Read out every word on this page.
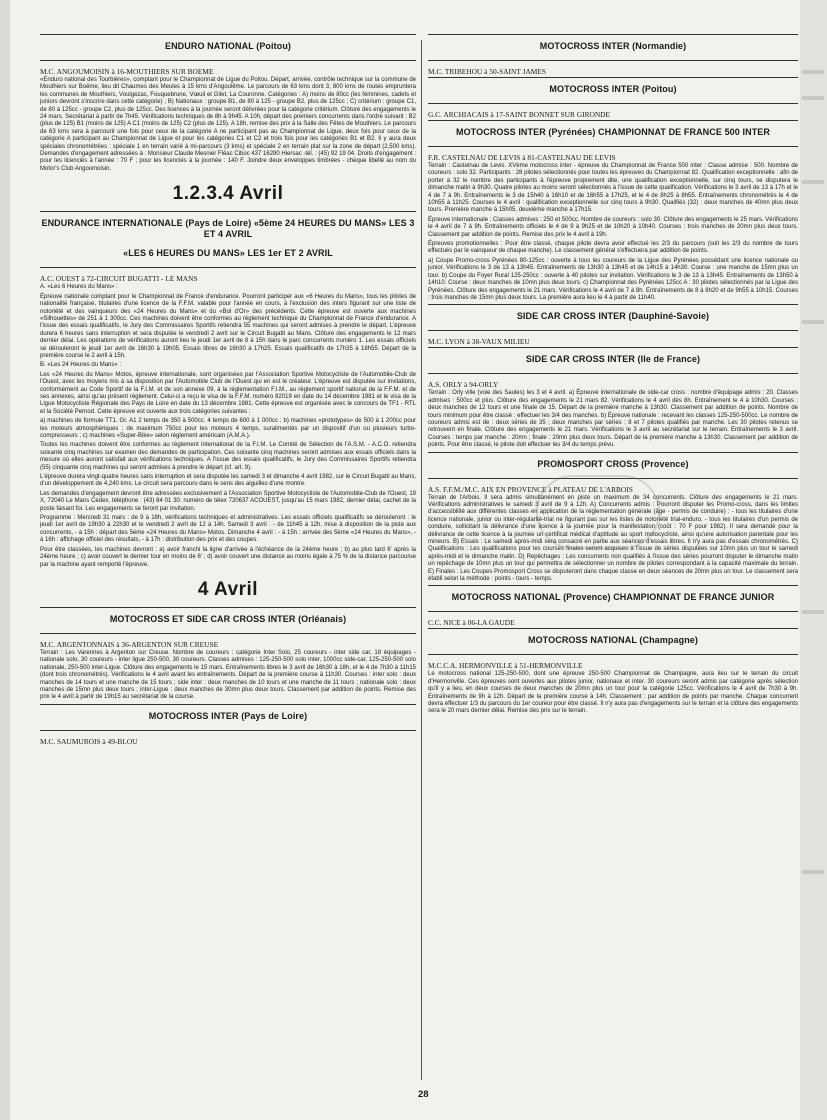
ENDURO NATIONAL (Poitou)
M.C. ANGOUMOISIN à 16-MOUTHIERS SUR BOEME
«Enduro national des Tourbières», comptant pour le Championnat de Ligue du Poitou. Départ, arrivée, contrôle technique sur la commune de Mouthiers sur Boëme, lieu dit Chaumes des Meules à 15 kms d'Angoulême. Le parcours de 63 kms dont 3, 800 kms de routes empruntera les communes de Mouthiers, Voulgezac, Fouquebrune, Vœuil et Gilet, La Couronne. Catégories : A) moins de 80cc (les féminines, cadets et juniors devront s'inscrire dans cette catégorie) ; B) Nationaux : groupe B1, de 80 à 125 - groupe B2, plus de 125cc ; C) critérium : groupe C1, de 80 à 125cc - groupe C2, plus de 125cc. Des licences à la journée seront délivrées pour la catégorie critérium. Clôture des engagements le 24 mars. Secrétariat à partir de 7h45. Vérifications techniques de 8h à 9h45. A 10h, départ des premiers concurrents dans l'ordre suivant : B2 (plus de 125) B1 (moins de 125) A C1 (moins de 125) C2 (plus de 125). A 18h, remise des prix à la Salle des Fêtes de Mouthiers. Le parcours de 63 kms sera à parcourir une fois pour ceux de la catégorie A ne participant pas au Championnat de Ligue, deux fois pour ceux de la catégorie A participant au Championnat de Ligue et pour les catégories C1 et C2 et trois fois pour les catégories B1 et B2. Il y aura deux spéciales chronométrées : spéciale 1 en terrain varié à mi-parcours (3 kms) et spéciale 2 en terrain plat sur la zone de départ (2,500 kms). Demandes d'engagement adressées à : Monsieur Claude Mesnier Fléac Ciboc 437 16290 Hiersac -tél. : (45) 92 19 04. Droits d'engagement : pour les licenciés à l'année : 70 F ; pour les licenciés à la journée : 140 F. Joindre deux enveloppes timbrées - chèque libellé au nom du Motor's Club Angoumoisin.
1.2.3.4 Avril
ENDURANCE INTERNATIONALE (Pays de Loire) «5ème 24 HEURES DU MANS» LES 3 ET 4 AVRIL
«LES 6 HEURES DU MANS» LES 1er ET 2 AVRIL
A.C. OUEST à 72-CIRCUIT BUGATTI - LE MANS
A. «Les 6 Heures du Mans» :
Épreuve nationale comptant pour le Championnat de France d'endurance. Pourront participer aux «6 Heures du Mans», tous les pilotes de nationalité française, titulaires d'une licence de la F.F.M. valable pour l'année en cours, à l'exclusion des inters figurant sur une liste de notoriété et des vainqueurs des «24 Heures du Mans» et du «Bol d'Or» des précédents. Cette épreuve est ouverte aux machines «Silhouettes» de 251 à 1 300cc. Ces machines doivent être conformes au règlement technique du Championnat de France d'endurance. A l'issue des essais qualificatifs, le Jury des Commissaires Sportifs retiendra 55 machines qui seront admises à prendre le départ. L'épreuve durera 6 heures sans interruption et sera disputée le vendredi 2 avril sur le Circuit Bugatti au Mans. Clôture des engagements le 12 mars dernier délai. Les opérations de vérifications auront lieu le jeudi 1er avril de 8 à 15h dans le parc concurrents numéro 1. Les essais officiels se dérouleront le jeudi 1er avril de 16h30 à 19h05. Essais libres de 16h30 à 17h25. Essais qualificatifs de 17h35 à 18h55. Départ de la première course le 2 avril à 15h.
B. «Les 24 Heures du Mans» :
Les «24 Heures du Mans» Motos, épreuve internationale, sont organisées par l'Association Sportive Motocycliste de l'Automobile-Club de l'Ouest, avec les moyens mis à sa disposition par l'Automobile Club de l'Ouest qui en est le créateur. L'épreuve est disputée sur invitations, conformément au Code Sportif de la F.I.M. et de son annexe 09, à la réglementation F.I.M., au règlement sportif national de la F.F.M. et de ses annexes, ainsi qu'au présent règlement. Celui-ci a reçu le visa de la F.F.M. numéro 82019 en date du 14 décembre 1981 et le visa de la Ligue Motocycliste Régionale des Pays de Loire en date du 13 décembre 1981. Cette épreuve est organisée avec le concours de TF1 - RTL et la Société Pernod. Cette épreuve est ouverte aux trois catégories suivantes :
a) machines de formule TT1. Gr. A1 2 temps de 350 à 500cc. 4 temps de 600 à 1 000cc ; b) machines «prototypes» de 500 à 1 200cc pour les moteurs atmosphériques ; de maximum 750cc pour les moteurs 4 temps, suralimentés par un dispositif d'un ou plusieurs turbo-compresseurs ; c) machines «Super-Bike» selon règlement américain (A.M.A.).
Toutes les machines doivent être conformes au règlement international de la F.I.M. Le Comité de Sélection de l'A.S.M. - A.C.O. retiendra soixante cinq machines sur examen des demandes de participation. Ces soixante cinq machines seront admises aux essais officiels dans la mesure où elles auront satisfait aux vérifications techniques. A l'issue des essais qualificatifs, le Jury des Commissaires Sportifs retiendra (55) cinquante cinq machines qui seront admises à prendre le départ (cf. art. 9).
L'épreuve durera vingt-quatre heures sans interruption et sera disputée les samedi 3 et dimanche 4 avril 1982, sur le Circuit Bugatti au Mans, d'un développement de 4,240 kms. Le circuit sera parcouru dans le sens des aiguilles d'une montre.
Les demandes d'engagement devront être adressées exclusivement à l'Association Sportive Motocycliste de l'Automobile-Club de l'Ouest, 19 X, 72040 Le Mans Cédex, téléphone : (43) 84 01 30. numéro de télex 720637 ACOUEST, jusqu'au 15 mars 1982, dernier délai, cachet de la poste faisant foi. Les engagements se feront par invitation.
Programme : Mercredi 31 mars : de 9 à 18h, vérifications techniques et administratives. Les essais officiels qualificatifs se dérouleront : le jeudi 1er avril de 19h30 à 22h30 et le vendredi 2 avril de 12 à 14h. Samedi 3 avril : - de 11h45 à 12h, mise à disposition de la piste aux concurrents, - à 15h : départ des 5ème «24 Heures du Mans» Motos. Dimanche 4 avril : - à 15h : arrivée des 5ème «24 Heures du Mans», - à 16h : affichage officiel des résultats, - à 17h : distribution des prix et des coupes.
Pour être classées, les machines devront : a) avoir franchi la ligne d'arrivée à l'échéance de la 24ème heure ; b) au plus tard 6' après la 24ème heure ; c) avoir couvert le dernier tour en moins de 6' ; d) avoir couvert une distance au moins égale à 75 % de la distance parcourue par la machine ayant remporté l'épreuve.
4 Avril
MOTOCROSS ET SIDE CAR CROSS INTER (Orléanais)
M.C. ARGENTONNAIS à 36-ARGENTON SUR CREUSE
Terrain : Les Varennes à Argenton sur Creuse. Nombre de coureurs : catégorie Inter Solo, 25 coureurs - inter side car, 18 équipages - nationale solo, 30 coureurs - inter ligue 250-500, 30 coureurs. Classes admises : 125-250-500 solo inter, 1000cc side-car, 125-250-500 solo nationale, 250-500 inter-Ligue. Clôture des engagements le 15 mars. Entraînements libres le 3 avril de 16h30 à 18h, et le 4 de 7h30 à 11h15 (dont trois chronométrés). Vérifications le 4 avril avant les entraînements. Départ de la première course à 11h30. Courses : inter solo : deux manches de 14 tours et une manche de 15 tours ; side inter : deux manches de 10 tours et une manche de 11 tours ; nationale solo : deux manches de 15mn plus deux tours ; inter-Ligue : deux manches de 30mn plus deux tours. Classement par addition de points. Remise des prix le 4 avril à partir de 19h15 au secrétariat de la course.
MOTOCROSS INTER (Pays de Loire)
M.C. SAUMUROIS à 49-BLOU
MOTOCROSS INTER (Normandie)
M.C. TRIBEHOU à 50-SAINT JAMES
MOTOCROSS INTER (Poitou)
G.C. ARCHIACAIS à 17-SAINT BONNET SUR GIRONDE
MOTOCROSS INTER (Pyrénées) CHAMPIONNAT DE FRANCE 500 INTER
F.R. CASTELNAU DE LEVIS à 81-CASTELNAU DE LEVIS
Terrain : Castelnau de Levis. XVème motocross inter - épreuve du Championnat de France 500 inter : Classe admise : 500. Nombre de coureurs : solo 32. Participants : 28 pilotes sélectionnés pour toutes les épreuves du Championnat 82. Qualification exceptionnelle : afin de porter à 32 le nombre des participants à l'épreuve proprement dite, une qualification exceptionnelle, sur cinq tours, se disputera le dimanche matin à 9h30. Quatre pilotes au moins seront sélectionnés à l'issue de cette qualification. Vérifications le 3 avril de 13 à 17h et le 4 de 7 à 9h. Entraînements le 3 de 15h40 à 16h10 et de 16h55 à 17h25, et le 4 de 8h25 à 8h55. Entraînements chronométrés le 4 de 10h55 à 11h25. Courses le 4 avril : qualification exceptionnelle sur cinq tours à 9h30. Qualifiés (32) : deux manches de 40mn plus deux tours. Première manche à 15h05, deuxième manche à 17h15.
Épreuve internationale : Classes admises : 250 et 500cc. Nombre de coureurs : solo 30. Clôture des engagements le 25 mars. Vérifications le 4 avril de 7 à 9h. Entraînements officiels le 4 de 9 à 9h25 et de 10h20 à 10h40. Courses : trois manches de 20mn plus deux tours. Classement par addition de points. Remise des prix le 4 avril à 19h.
Épreuves promotionnelles : Pour être classé, chaque pilote devra avoir effectué les 2/3 du parcours (soit les 2/3 du nombre de tours effectués par le vainqueur de chaque manche). Le classement général s'effectuera par addition de points.
a) Coupe Promo-cross Pyrénées 80-125cc : ouverte à tous les coureurs de la Ligue des Pyrénées possédant une licence nationale ou junior. Vérifications le 3 de 13 à 13h45. Entraînements de 13h30 à 13h45 et de 14h15 à 14h30. Course : une manche de 15mn plus un tour. b) Coupe du Foyer Rural 125-250cc : ouverte à 40 pilotes sur invitation. Vérifications le 3 de 13 à 13h45. Entraînements de 13h50 à 14h10. Course : deux manches de 10mn plus deux tours. c) Championnat des Pyrénées 125cc A : 30 pilotes sélectionnés par la Ligue des Pyrénées. Clôture des engagements le 21 mars. Vérifications le 4 avril de 7 à 8h. Entraînements de 8 à 8h20 et de 9h55 à 10h15. Courses : trois manches de 15mn plus deux tours. La première aura lieu le 4 à partir de 11h40.
SIDE CAR CROSS INTER (Dauphiné-Savoie)
M.C. LYON à 38-VAUX MILIEU
SIDE CAR CROSS INTER (Ile de France)
A.S. ORLY à 94-ORLY
Terrain : Orly ville (voie des Saules) les 3 et 4 avril. a) Épreuve internationale de side-car cross : nombre d'équipage admis : 20. Classes admises : 500cc et plus. Clôture des engagements le 21 mars 82. Vérifications le 4 avril dès 8h. Entraînement le 4 à 10h30. Courses : deux manches de 12 tours et une finale de 15. Départ de la première manche à 13h30. Classement par addition de points. Nombre de tours minimum pour être classé : effectuer les 3/4 des manches. b) Épreuve nationale : recevant les classes 125-250-500cc. Le nombre de coureurs admis est de : deux séries de 35 ; deux manches par séries ; 8 et 7 pilotes qualifiés par manche. Les 30 pilotes retenus se retrouvent en finale. Clôture des engagements le 21 mars. Vérifications le 3 avril au secrétariat sur le terrain. Entraînements le 3 avril. Courses : temps par manche : 20mn ; finale : 20mn plus deux tours. Départ de la première manche à 13h30. Classement par addition de points. Pour être classé, le pilote doit effectuer les 3/4 du temps prévu.
PROMOSPORT CROSS (Provence)
A.S. F.F.M./M.C. AIX EN PROVENCE à PLATEAU DE L'ARBOIS
Terrain de l'Arbois. Il sera admis simultanément en piste un maximum de 34 concurrents. Clôture des engagements le 21 mars. Vérifications administratives le samedi 3 avril de 9 à 12h. A) Concurrents admis : Pourront disputer les Promo-cross, dans les limites d'accessibilité aux différentes classes en application de la réglementation générale (âge - permis de conduire) : - tous les titulaires d'une licence nationale, junior ou inter-régularité-trial ne figurant pas sur les listes de notoriété trial-enduro. - tous les titulaires d'un permis de conduire, sollicitant la délivrance d'une licence à la journée pour la manifestation (coût : 70 F pour 1982). Il sera demandé pour la délivrance de cette licence à la journée un certificat médical d'aptitude au sport motocycliste, ainsi qu'une autorisation parentale pour les mineurs. B) Essais : Le samedi après-midi sera consacré en partie aux séances d'essais libres. Il n'y aura pas d'essais chronométrés. C) Qualifications : Les qualifications pour les courses finales seront acquises à l'issue de séries disputées sur 10mn plus un tour le samedi après-midi et le dimanche matin. D) Repêchages : Les concurrents non qualifiés à l'issue des séries pourront disputer le dimanche matin un repêchage de 10mn plus un tour qui permettra de sélectionner un nombre de pilotes correspondant à la capacité maximale du terrain. E) Finales : Les Coupes Promosport Cross se disputeront dans chaque classe en deux séances de 20mn plus un tour. Le classement sera établi selon la méthode : points - tours - temps.
MOTOCROSS NATIONAL (Provence) CHAMPIONNAT DE FRANCE JUNIOR
C.C. NICE à 06-LA GAUDE
MOTOCROSS NATIONAL (Champagne)
M.C.C.A. HERMONVILLE à 51-HERMONVILLE
Le motocross national 125-250-500, dont une épreuve 250-500 Championnat de Champagne, aura lieu sur le terrain du circuit d'Hermonville. Ces épreuves sont ouvertes aux pilotes junior, nationaux et inter. 30 coureurs seront admis par catégorie après sélection qu'il y a lieu, en deux courses de deux manches de 20mn plus un tour pour la catégorie 125cc. Vérifications le 4 avril de 7h30 à 9h. Entraînements de 9h à 12h. Départ de la première course à 14h. Classement : par addition de points par manche. Chaque concurrent devra effectuer 1/3 du parcours du 1er coureur pour être classé. Il n'y aura pas d'engagements sur le terrain et la clôture des engagements sera le 20 mars dernier délai. Remise des prix sur le terrain.
28
